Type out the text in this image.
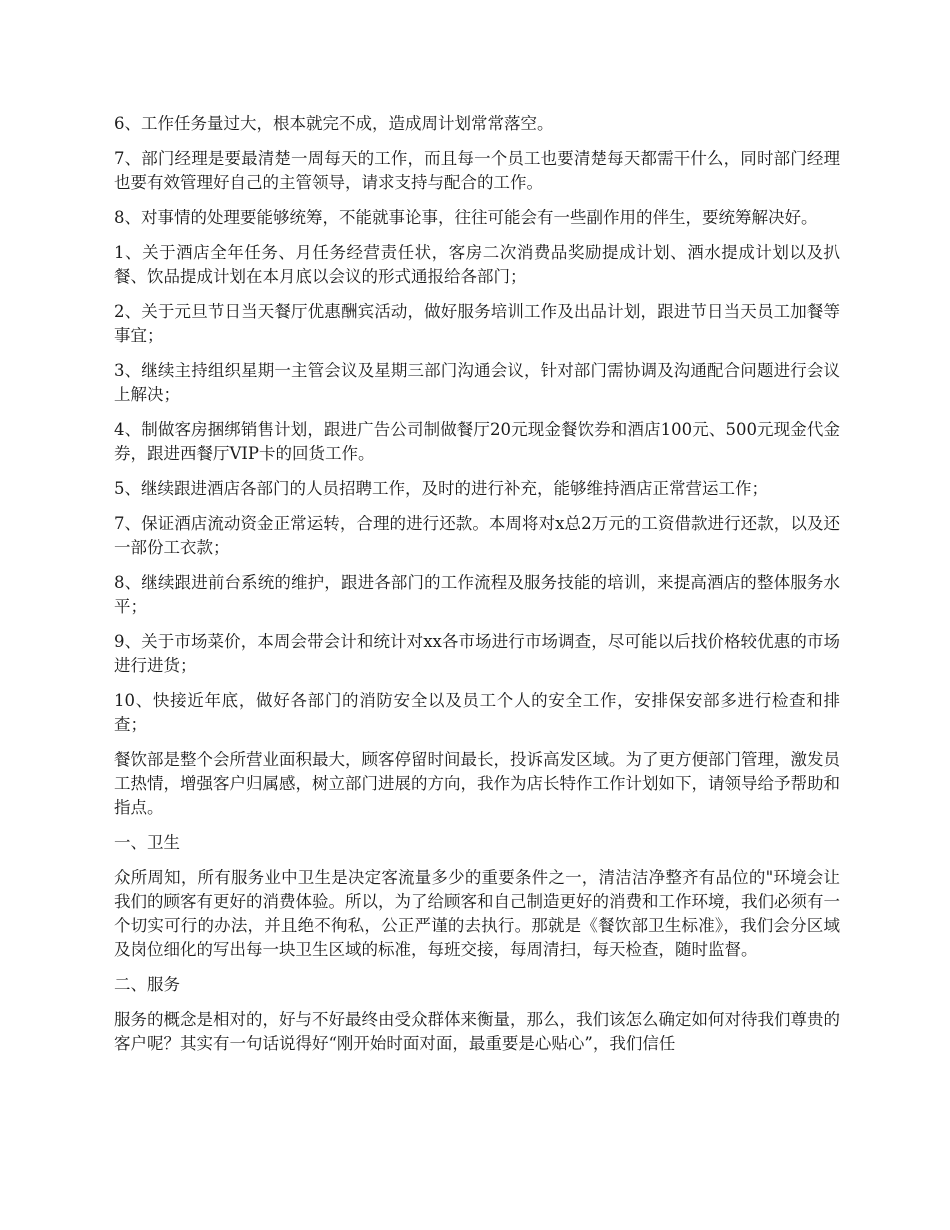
6、工作任务量过大，根本就完不成，造成周计划常常落空。

7、部门经理是要最清楚一周每天的工作，而且每一个员工也要清楚每天都需干什么，同时部门经理也要有效管理好自己的主管领导，请求支持与配合的工作。

8、对事情的处理要能够统筹，不能就事论事，往往可能会有一些副作用的伴生，要统筹解决好。

1、关于酒店全年任务、月任务经营责任状，客房二次消费品奖励提成计划、酒水提成计划以及扒餐、饮品提成计划在本月底以会议的形式通报给各部门；

2、关于元旦节日当天餐厅优惠酬宾活动，做好服务培训工作及出品计划，跟进节日当天员工加餐等事宜；

3、继续主持组织星期一主管会议及星期三部门沟通会议，针对部门需协调及沟通配合问题进行会议上解决；

4、制做客房捆绑销售计划，跟进广告公司制做餐厅20元现金餐饮券和酒店100元、500元现金代金券，跟进西餐厅VIP卡的回货工作。

5、继续跟进酒店各部门的人员招聘工作，及时的进行补充，能够维持酒店正常营运工作；

7、保证酒店流动资金正常运转，合理的进行还款。本周将对x总2万元的工资借款进行还款，以及还一部份工衣款；

8、继续跟进前台系统的维护，跟进各部门的工作流程及服务技能的培训，来提高酒店的整体服务水平；

9、关于市场菜价，本周会带会计和统计对xx各市场进行市场调查，尽可能以后找价格较优惠的市场进行进货；

10、快接近年底，做好各部门的消防安全以及员工个人的安全工作，安排保安部多进行检查和排查；

餐饮部是整个会所营业面积最大，顾客停留时间最长，投诉高发区域。为了更方便部门管理，激发员工热情，增强客户归属感，树立部门进展的方向，我作为店长特作工作计划如下，请领导给予帮助和指点。

一、卫生

众所周知，所有服务业中卫生是决定客流量多少的重要条件之一，清洁洁净整齐有品位的"环境会让我们的顾客有更好的消费体验。所以，为了给顾客和自己制造更好的消费和工作环境，我们必须有一个切实可行的办法，并且绝不徇私，公正严谨的去执行。那就是《餐饮部卫生标准》，我们会分区域及岗位细化的写出每一块卫生区域的标准，每班交接，每周清扫，每天检查，随时监督。

二、服务

服务的概念是相对的，好与不好最终由受众群体来衡量，那么，我们该怎么确定如何对待我们尊贵的客户呢？其实有一句话说得好“刚开始时面对面，最重要是心贴心”，我们信任
